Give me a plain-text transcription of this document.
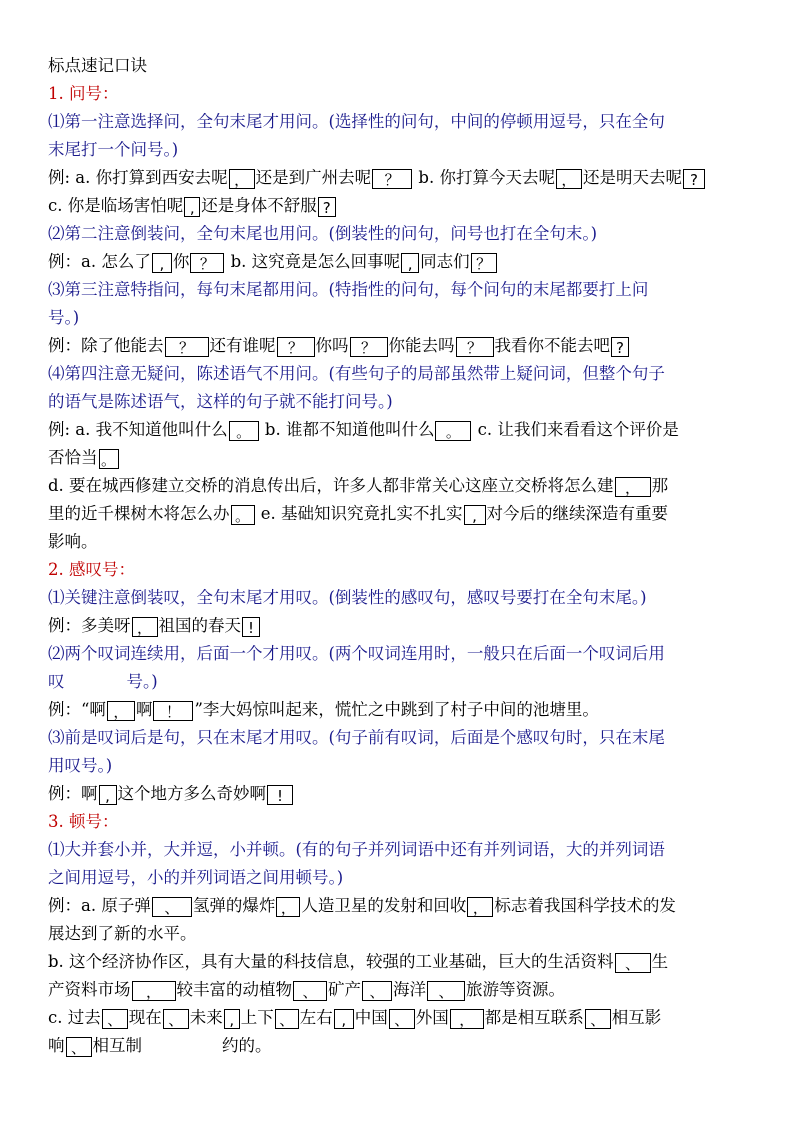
标点速记口诀
1. 问号：
⑴第一注意选择问，全句末尾才用问。(选择性的问句，中间的停顿用逗号，只在全句
末尾打一个问号。)
例: a. 你打算到西安去呢 ， 还是到广州去呢 ？ b. 你打算今天去呢 ， 还是明天去呢 ?
c. 你是临场害怕呢 , 还是身体不舒服 ?
⑵第二注意倒装问，全句末尾也用问。(倒装性的问句，问号也打在全句末。)
例：a. 怎么了 , 你 ？ b. 这究竟是怎么回事呢 , 同志们 ？
⑶第三注意特指问，每句末尾都用问。(特指性的问句，每个问句的末尾都要打上问
号。)
例：除了他能去 ？ 还有谁呢 ？ 你吗 ？ 你能去吗 ？ 我看你不能去吧 ?
⑷第四注意无疑问，陈述语气不用问。(有些句子的局部虽然带上疑问词，但整个句子
的语气是陈述语气，这样的句子就不能打问号。)
例: a. 我不知道他叫什么 。 b. 谁都不知道他叫什么 。 c. 让我们来看看这个评价是
否恰当 。
d. 要在城西修建立交桥的消息传出后，许多人都非常关心这座立交桥将怎么建 ， 那
里的近千棵树木将怎么办 。 e. 基础知识究竟扎实不扎实 , 对今后的继续深造有重要
影响。
2. 感叹号：
⑴关键注意倒装叹，全句末尾才用叹。(倒装性的感叹句，感叹号要打在全句末尾。)
例：多美呀 ， 祖国的春天 !
⑵两个叹词连续用，后面一个才用叹。(两个叹词连用时，一般只在后面一个叹词后用
叹	号。)
例：“啊 ， 啊 ！ ”李大妈惊叫起来，慌忙之中跳到了村子中间的池塘里。
⑶前是叹词后是句，只在末尾才用叹。(句子前有叹词，后面是个感叹句时，只在末尾
用叹号。)
例：啊 , 这个地方多么奇妙啊 !
3. 顿号：
⑴大并套小并，大并逗，小并顿。(有的句子并列词语中还有并列词语，大的并列词语
之间用逗号，小的并列词语之间用顿号。)
例：a. 原子弹 、 氢弹的爆炸 ， 人造卫星的发射和回收 ， 标志着我国科学技术的发
展达到了新的水平。
b. 这个经济协作区，具有大量的科技信息，较强的工业基础，巨大的生活资料 、 生
产资料市场 ， 较丰富的动植物 、 矿产 、 海洋 、 旅游等资源。
c. 过去 、 现在 、 未来 , 上下 、 左右 , 中国 、 外国 ， 都是相互联系 、 相互影
响 、 相互制	约的。
